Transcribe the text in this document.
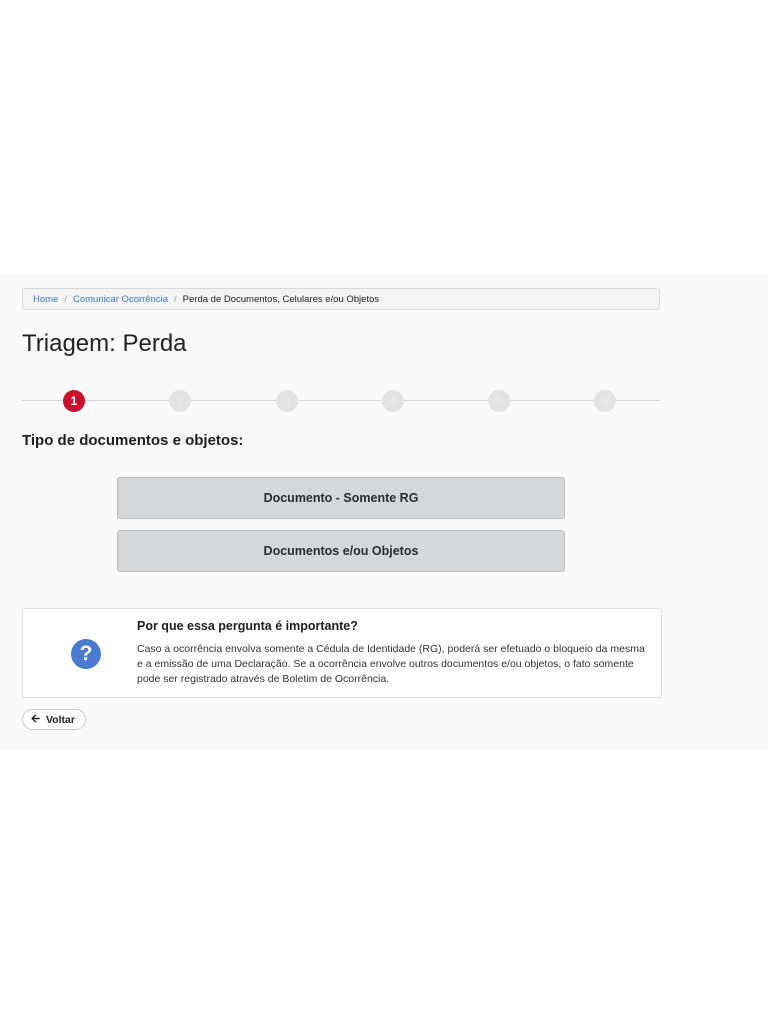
Home / Comunicar Ocorrência / Perda de Documentos, Celulares e/ou Objetos
Triagem: Perda
1	2	3	4	5	6
Tipo de documentos e objetos:
Documento - Somente RG
Documentos e/ou Objetos
?
Por que essa pergunta é importante?

Caso a ocorrência envolva somente a Cédula de Identidade (RG), poderá ser efetuado o bloqueio da mesma e a emissão de uma Declaração. Se a ocorrência envolve outros documentos e/ou objetos, o fato somente pode ser registrado através de Boletim de Ocorrência.

🡨 Voltar
